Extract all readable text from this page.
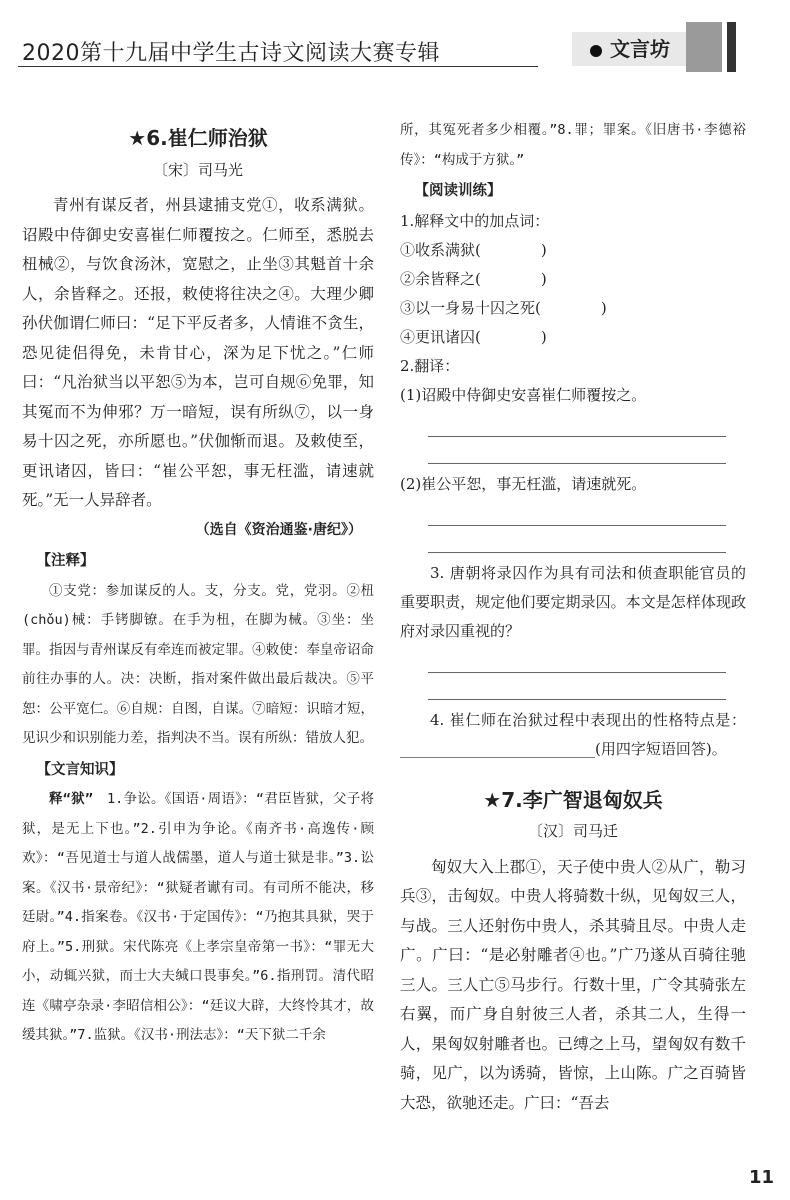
2020第十九届中学生古诗文阅读大赛专辑	文言坊
★6.崔仁师治狱
〔宋〕司马光

青州有谋反者，州县逮捕支党①，收系满狱。诏殿中侍御史安喜崔仁师覆按之。仁师至，悉脱去杻械②，与饮食汤沐，宽慰之，止坐③其魁首十余人，余皆释之。还报，敕使将往决之④。大理少卿孙伏伽谓仁师曰：“足下平反者多，人情谁不贪生，恐见徒侣得免，未肯甘心，深为足下忧之。”仁师曰：“凡治狱当以平恕⑤为本，岂可自规⑥免罪，知其冤而不为伸邪？万一暗短，误有所纵⑦，以一身易十囚之死，亦所愿也。”伏伽惭而退。及敕使至，更讯诸囚，皆曰：“崔公平恕，事无枉滥，请速就死。”无一人异辞者。

（选自《资治通鉴·唐纪》）
【注释】
①支党：参加谋反的人。支，分支。党，党羽。②杻(chǒu)械：手铐脚镣。在手为杻，在脚为械。③坐：坐罪。指因与青州谋反有牵连而被定罪。④敕使：奉皇帝诏命前往办事的人。决：决断，指对案件做出最后裁决。⑤平恕：公平宽仁。⑥自规：自图，自谋。⑦暗短：识暗才短，见识少和识别能力差，指判决不当。误有所纵：错放人犯。
【文言知识】
释“狱”　 1.争讼。《国语·周语》：“君臣皆狱，父子将狱，是无上下也。”2.引申为争论。《南齐书·高逸传·顾欢》：“吾见道士与道人战儒墨，道人与道士狱是非。”3.讼案。《汉书·景帝纪》：“狱疑者谳有司。有司所不能决，移廷尉。”4.指案卷。《汉书·于定国传》：“乃抱其具狱，哭于府上。”5.刑狱。宋代陈亮《上孝宗皇帝第一书》：“罪无大小，动辄兴狱，而士大夫缄口畏事矣。”6.指刑罚。清代昭连《啸亭杂录·李昭信相公》：“廷议大辟，大终怜其才，故缓其狱。”7.监狱。《汉书·刑法志》：“天下狱二千余
所，其冤死者多少相覆。”8.罪；罪案。《旧唐书·李德裕传》：“构成于方狱。”
【阅读训练】
1.解释文中的加点词：
①收系满狱(　　　　)
②余皆释之(　　　　)
③以一身易十囚之死(　　　　)
④更讯诸囚(　　　　)
2.翻译：
(1)诏殿中侍御史安喜崔仁师覆按之。
(2)崔公平恕，事无枉滥，请速就死。

3. 唐朝将录囚作为具有司法和侦查职能官员的重要职责，规定他们要定期录囚。本文是怎样体现政府对录囚重视的？

4. 崔仁师在治狱过程中表现出的性格特点是：__________________________(用四字短语回答)。

★7.李广智退匈奴兵
〔汉〕司马迁

匈奴大入上郡①，天子使中贵人②从广，勒习兵③，击匈奴。中贵人将骑数十纵，见匈奴三人，与战。三人还射伤中贵人，杀其骑且尽。中贵人走广。广曰：“是必射雕者④也。”广乃遂从百骑往驰三人。三人亡⑤马步行。行数十里，广令其骑张左右翼，而广身自射彼三人者，杀其二人，生得一人，果匈奴射雕者也。已缚之上马，望匈奴有数千骑，见广，以为诱骑，皆惊，上山陈。广之百骑皆大恐，欲驰还走。广曰：“吾去

11
